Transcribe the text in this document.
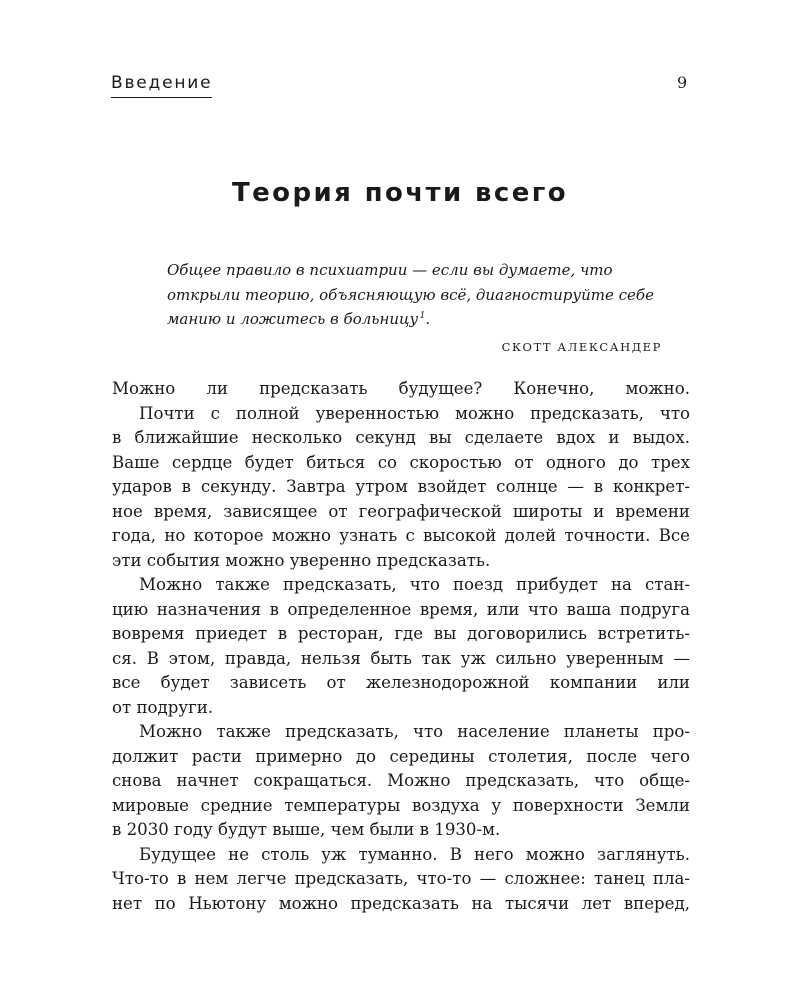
Введение	9
Теория почти всего
Общее правило в психиатрии — если вы думаете, что
открыли теорию, объясняющую всё, диагностируйте себе
манию и ложитесь в больницу  $^1$.
СКОТТ АЛЕКСАНДЕР
Можно ли предсказать будущее? Конечно, можно.
Почти с полной уверенностью можно предсказать, что
в ближайшие несколько секунд вы сделаете вдох и выдох.
Ваше сердце будет биться со скоростью от одного до трех
ударов в секунду. Завтра утром взойдет солнце — в конкрет-
ное время, зависящее от географической широты и времени
года, но которое можно узнать с высокой долей точности. Все
эти события можно уверенно предсказать.
Можно также предсказать, что поезд прибудет на стан-
цию назначения в определенное время, или что ваша подруга
вовремя приедет в ресторан, где вы договорились встретить-
ся. В этом, правда, нельзя быть так уж сильно уверенным —
все будет зависеть от железнодорожной компании или
от подруги.
Можно также предсказать, что население планеты про-
должит расти примерно до середины столетия, после чего
снова начнет сокращаться. Можно предсказать, что обще-
мировые средние температуры воздуха у поверхности Земли
в 2030 году будут выше, чем были в 1930-м.
Будущее не столь уж туманно. В него можно заглянуть.
Что-то в нем легче предсказать, что-то — сложнее: танец пла-
нет по Ньютону можно предсказать на тысячи лет вперед,
